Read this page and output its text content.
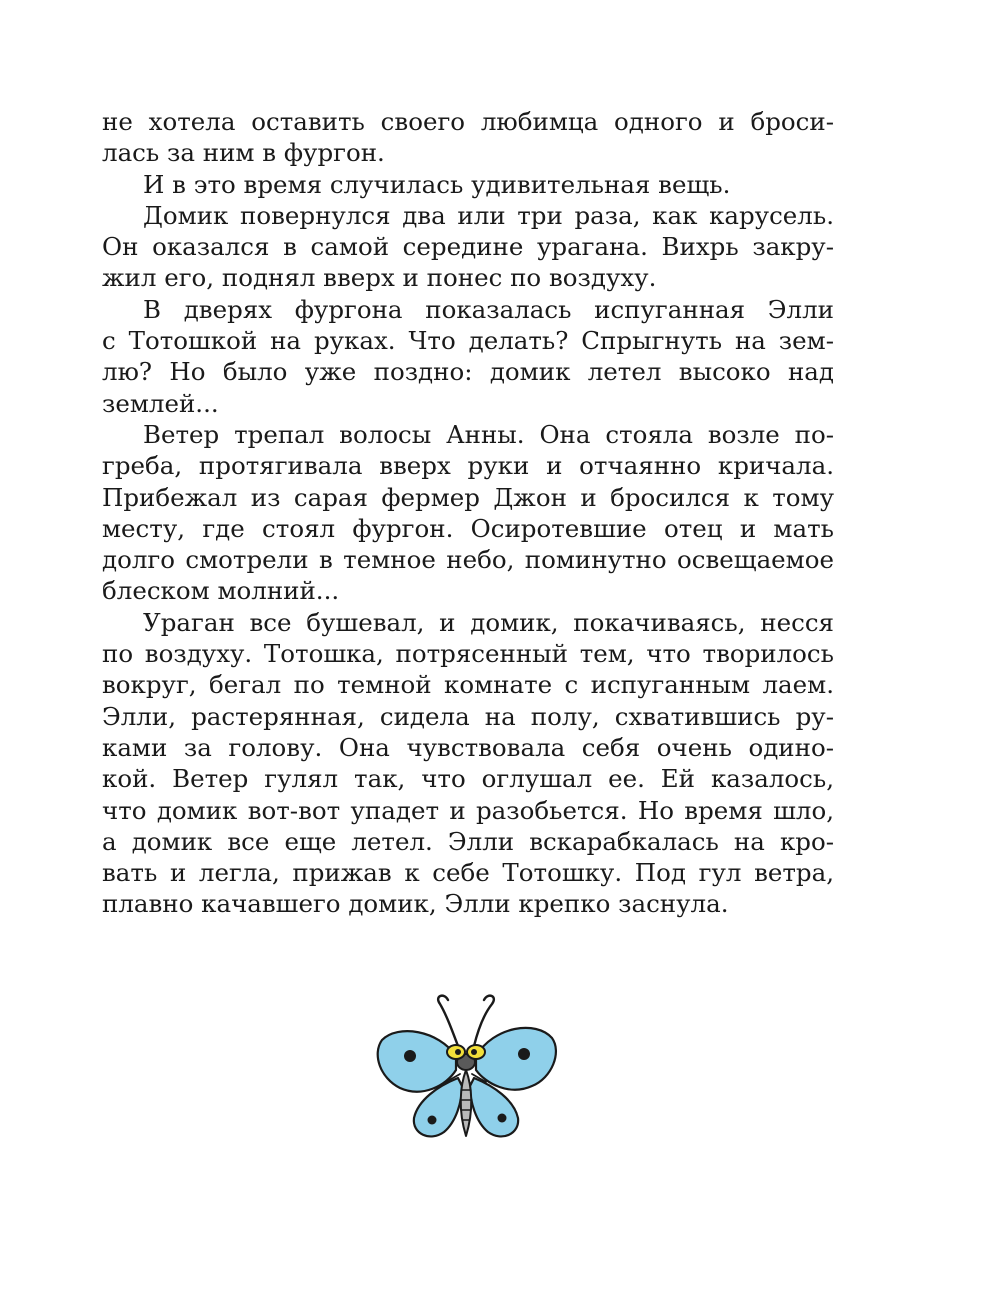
не хотела оставить своего любимца одного и броси-
лась за ним в фургон.
И в это время случилась удивительная вещь.
Домик повернулся два или три раза, как карусель.
Он оказался в самой середине урагана. Вихрь закру-
жил его, поднял вверх и понес по воздуху.
В дверях фургона показалась испуганная Элли
с Тотошкой на руках. Что делать? Спрыгнуть на зем-
лю? Но было уже поздно: домик летел высоко над
землей...
Ветер трепал волосы Анны. Она стояла возле по-
греба, протягивала вверх руки и отчаянно кричала.
Прибежал из сарая фермер Джон и бросился к тому
месту, где стоял фургон. Осиротевшие отец и мать
долго смотрели в темное небо, поминутно освещаемое
блеском молний...
Ураган все бушевал, и домик, покачиваясь, несся
по воздуху. Тотошка, потрясенный тем, что творилось
вокруг, бегал по темной комнате с испуганным лаем.
Элли, растерянная, сидела на полу, схватившись ру-
ками за голову. Она чувствовала себя очень одино-
кой. Ветер гулял так, что оглушал ее. Ей казалось,
что домик вот-вот упадет и разобьется. Но время шло,
а домик все еще летел. Элли вскарабкалась на кро-
вать и легла, прижав к себе Тотошку. Под гул ветра,
плавно качавшего домик, Элли крепко заснула.
